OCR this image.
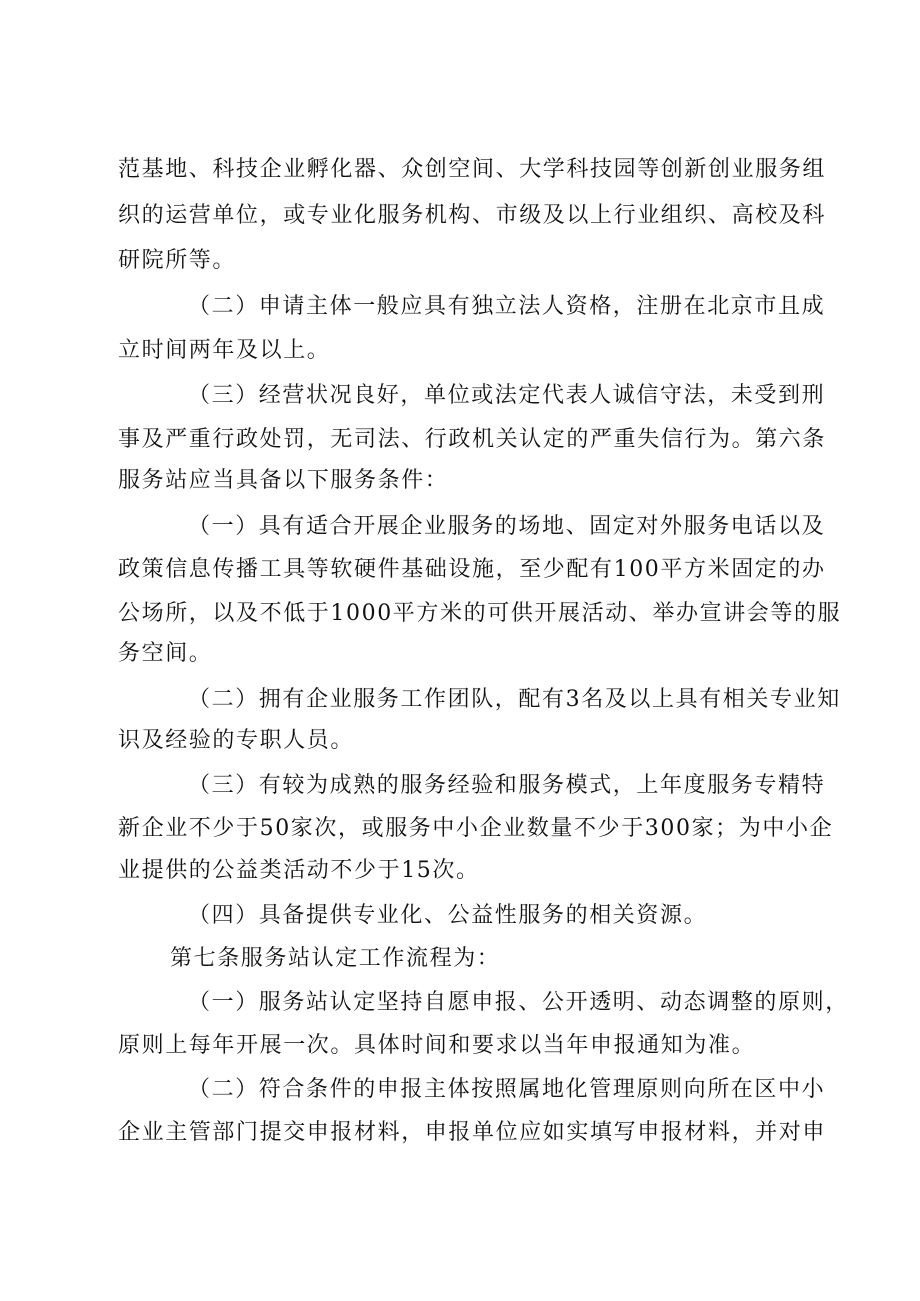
范基地、科技企业孵化器、众创空间、大学科技园等创新创业服务组
织的运营单位，或专业化服务机构、市级及以上行业组织、高校及科
研院所等。
（二）申请主体一般应具有独立法人资格，注册在北京市且成
立时间两年及以上。
（三）经营状况良好，单位或法定代表人诚信守法，未受到刑
事及严重行政处罚，无司法、行政机关认定的严重失信行为。第六条
服务站应当具备以下服务条件：
（一）具有适合开展企业服务的场地、固定对外服务电话以及
政策信息传播工具等软硬件基础设施，至少配有100平方米固定的办
公场所，以及不低于1000平方米的可供开展活动、举办宣讲会等的服
务空间。
（二）拥有企业服务工作团队，配有3名及以上具有相关专业知
识及经验的专职人员。
（三）有较为成熟的服务经验和服务模式，上年度服务专精特
新企业不少于50家次，或服务中小企业数量不少于300家；为中小企
业提供的公益类活动不少于15次。
（四）具备提供专业化、公益性服务的相关资源。
第七条服务站认定工作流程为：
（一）服务站认定坚持自愿申报、公开透明、动态调整的原则，
原则上每年开展一次。具体时间和要求以当年申报通知为准。
（二）符合条件的申报主体按照属地化管理原则向所在区中小
企业主管部门提交申报材料，申报单位应如实填写申报材料，并对申
